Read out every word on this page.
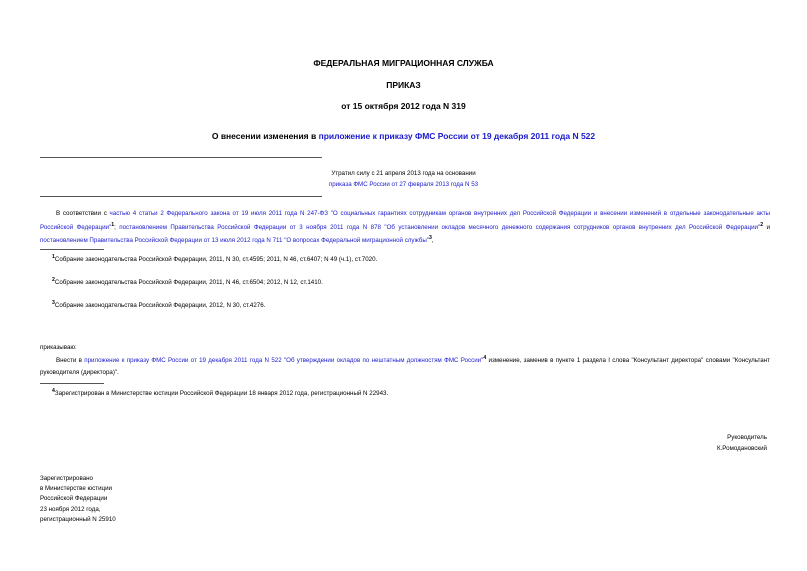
ФЕДЕРАЛЬНАЯ МИГРАЦИОННАЯ СЛУЖБА
ПРИКАЗ
от 15 октября 2012 года N 319
О внесении изменения в приложение к приказу ФМС России от 19 декабря 2011 года N 522
Утратил силу с 21 апреля 2013 года на основании
приказа ФМС России от 27 февраля 2013 года N 53

В соответствии с частью 4 статьи 2 Федерального закона от 19 июля 2011 года N 247-ФЗ "О социальных гарантиях сотрудникам органов внутренних дел Российской Федерации и внесении изменений в отдельные законодательные акты Российской Федерации"$^1$; постановлением Правительства Российской Федерации от 3 ноября 2011 года N 878 "Об установлении окладов месячного денежного содержания сотрудников органов внутренних дел Российской Федерации"$^2$ и постановлением Правительства Российской Федерации от 13 июля 2012 года N 711 "О вопросах Федеральной миграционной службы"$^3$,

$^1$Собрание законодательства Российской Федерации, 2011, N 30, ст.4595; 2011, N 46, ст.6407; N 49 (ч.1), ст.7020.
$^2$Собрание законодательства Российской Федерации, 2011, N 46, ст.6504; 2012, N 12, ст.1410.
$^3$Собрание законодательства Российской Федерации, 2012, N 30, ст.4276.
приказываю:

Внести в приложение к приказу ФМС России от 19 декабря 2011 года N 522 "Об утверждении окладов по нештатным должностям ФМС России"$^4$ изменение, заменив в пункте 1 раздела I слова "Консультант директора" словами "Консультант руководителя (директора)".

$^4$Зарегистрирован в Министерстве юстиции Российской Федерации 18 января 2012 года, регистрационный N 22943.
Руководитель
К.Ромодановский
Зарегистрировано
в Министерстве юстиции
Российской Федерации
23 ноября 2012 года,
регистрационный N 25910
